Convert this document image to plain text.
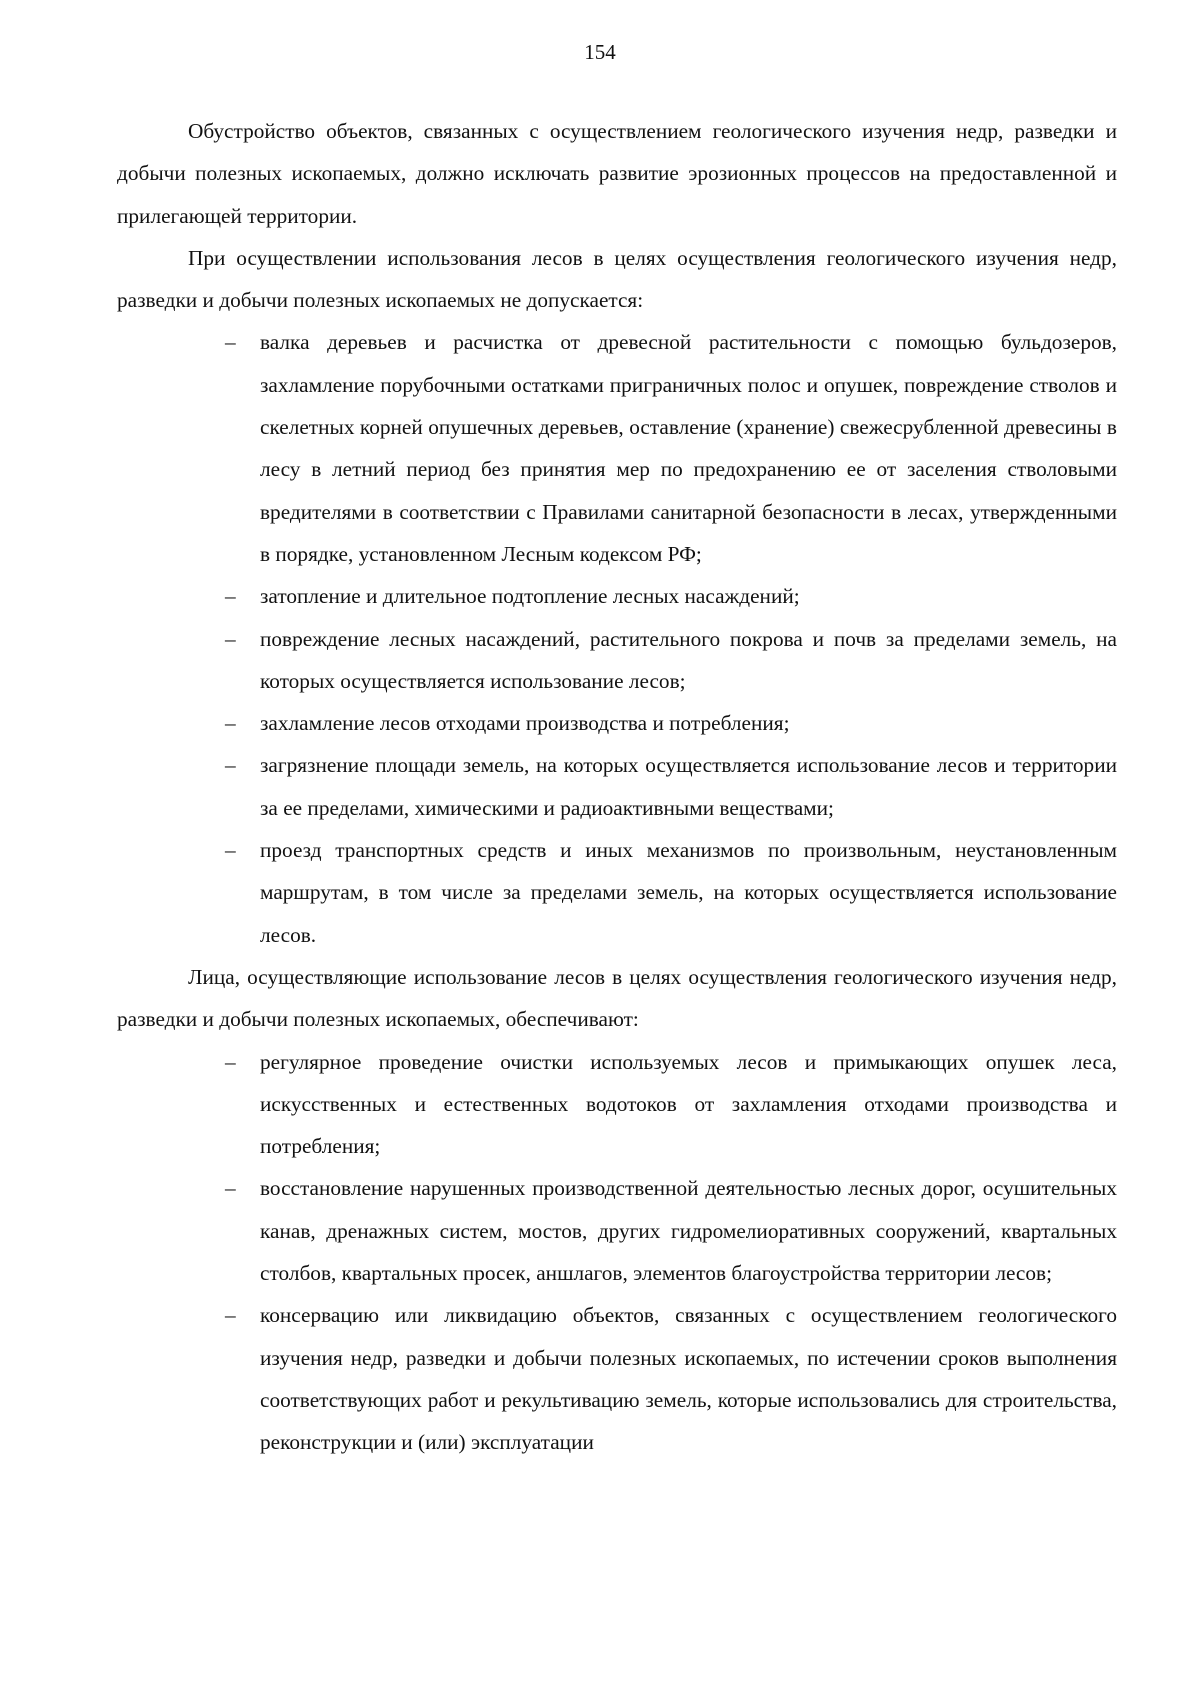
154

Обустройство объектов, связанных с осуществлением геологического изучения недр, разведки и добычи полезных ископаемых, должно исключать развитие эрозионных процессов на предоставленной и прилегающей территории.

При осуществлении использования лесов в целях осуществления геологического изучения недр, разведки и добычи полезных ископаемых не допускается:

– валка деревьев и расчистка от древесной растительности с помощью бульдозеров, захламление порубочными остатками приграничных полос и опушек, повреждение стволов и скелетных корней опушечных деревьев, оставление (хранение) свежесрубленной древесины в лесу в летний период без принятия мер по предохранению ее от заселения стволовыми вредителями в соответствии с Правилами санитарной безопасности в лесах, утвержденными в порядке, установленном Лесным кодексом РФ;
– затопление и длительное подтопление лесных насаждений;
– повреждение лесных насаждений, растительного покрова и почв за пределами земель, на которых осуществляется использование лесов;
– захламление лесов отходами производства и потребления;
– загрязнение площади земель, на которых осуществляется использование лесов и территории за ее пределами, химическими и радиоактивными веществами;
– проезд транспортных средств и иных механизмов по произвольным, неустановленным маршрутам, в том числе за пределами земель, на которых осуществляется использование лесов.

Лица, осуществляющие использование лесов в целях осуществления геологического изучения недр, разведки и добычи полезных ископаемых, обеспечивают:

– регулярное проведение очистки используемых лесов и примыкающих опушек леса, искусственных и естественных водотоков от захламления отходами производства и потребления;
– восстановление нарушенных производственной деятельностью лесных дорог, осушительных канав, дренажных систем, мостов, других гидромелиоративных сооружений, квартальных столбов, квартальных просек, аншлагов, элементов благоустройства территории лесов;
– консервацию или ликвидацию объектов, связанных с осуществлением геологического изучения недр, разведки и добычи полезных ископаемых, по истечении сроков выполнения соответствующих работ и рекультивацию земель, которые использовались для строительства, реконструкции и (или) эксплуатации
